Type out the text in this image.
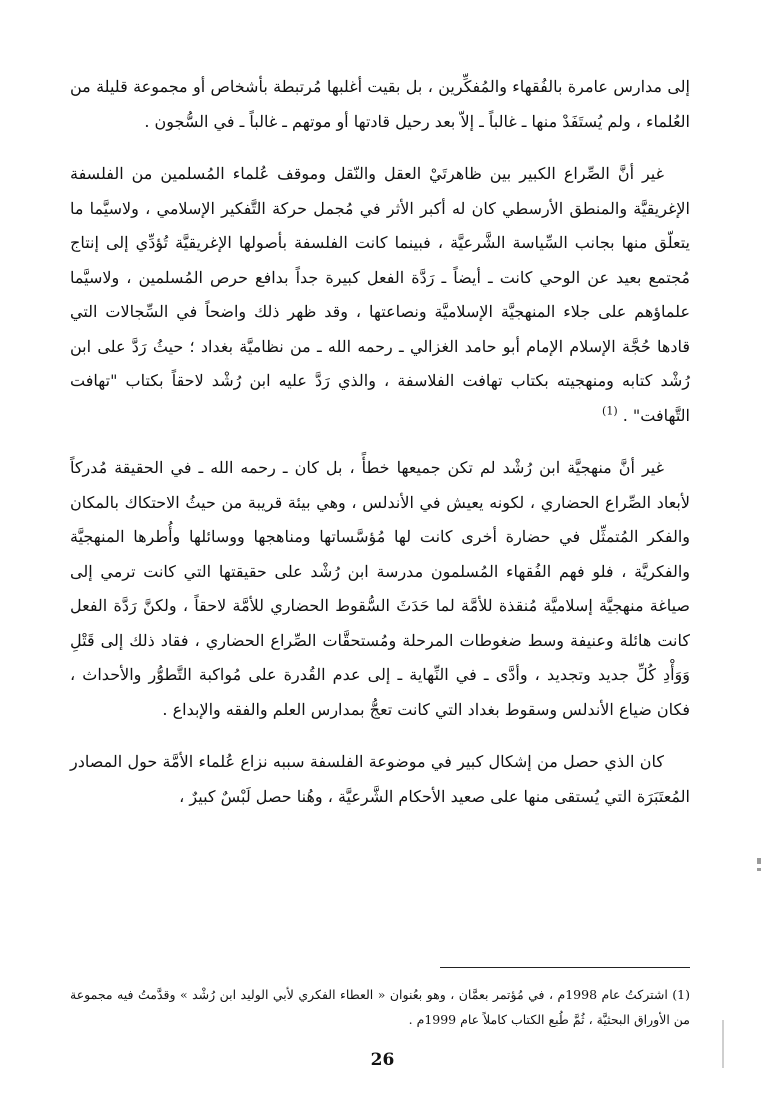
إلى مدارس عامرة بالفُقهاء والمُفكِّرين ، بل بقيت أغلبها مُرتبطة بأشخاص أو مجموعة قليلة من العُلماء ، ولم يُستَفَدْ منها ـ غالباً ـ إلاّ بعد رحيل قادتها أو موتهم ـ غالباً ـ في السُّجون .

غير أنَّ الصِّراع الكبير بين ظاهرتَيْ العقل والنّقل وموقف عُلماء المُسلمين من الفلسفة الإغريقيَّة والمنطق الأرسطي كان له أكبر الأثر في مُجمل حركة التَّفكير الإسلامي ، ولاسيَّما ما يتعلّق منها بجانب السِّياسة الشَّرعيَّة ، فبينما كانت الفلسفة بأصولها الإغريقيَّة تُؤدِّي إلى إنتاج مُجتمع بعيد عن الوحي كانت ـ أيضاً ـ رَدَّة الفعل كبيرة جداً بدافع حرص المُسلمين ، ولاسيَّما علماؤهم على جلاء المنهجيَّة الإسلاميَّة ونصاعتها ، وقد ظهر ذلك واضحاً في السِّجالات التي قادها حُجَّة الإسلام الإمام أبو حامد الغزالي ـ رحمه الله ـ من نظاميَّة بغداد ؛ حيثُ رَدَّ على ابن رُشْد كتابه ومنهجيته بكتاب تهافت الفلاسفة ، والذي رَدَّ عليه ابن رُشْد لاحقاً بكتاب "تهافت التَّهافت" . $^{(1)}$

غير أنَّ منهجيَّة ابن رُشْد لم تكن جميعها خطأً ، بل كان ـ رحمه الله ـ في الحقيقة مُدركاً لأبعاد الصِّراع الحضاري ، لكونه يعيش في الأندلس ، وهي بيئة قريبة من حيثُ الاحتكاك بالمكان والفكر المُتمثِّل في حضارة أخرى كانت لها مُؤسَّساتها ومناهجها ووسائلها وأُطرها المنهجيَّة والفكريَّة ، فلو فهم الفُقهاء المُسلمون مدرسة ابن رُشْد على حقيقتها التي كانت ترمي إلى صياغة منهجيَّة إسلاميَّة مُنقذة للأمَّة لما حَدَثَ السُّقوط الحضاري للأمَّة لاحقاً ، ولكنَّ رَدَّة الفعل كانت هائلة وعنيفة وسط ضغوطات المرحلة ومُستحقَّات الصِّراع الحضاري ، فقاد ذلك إلى قَتْلِ وَوَأْدِ كُلِّ جديد وتجديد ، وأدَّى ـ في النِّهاية ـ إلى عدم القُدرة على مُواكبة التَّطوُّر والأحداث ، فكان ضياع الأندلس وسقوط بغداد التي كانت تعجُّ بمدارس العلم والفقه والإبداع .

كان الذي حصل من إشكال كبير في موضوعة الفلسفة سببه نزاع عُلماء الأمَّة حول المصادر المُعتَبَرَة التي يُستقى منها على صعيد الأحكام الشَّرعيَّة ، وهُنا حصل لَبْسٌ كبيرٌ ،

(1) اشتركتُ عام 1998م ، في مُؤتمر بعمَّان ، وهو بعُنوان « العطاء الفكري لأبي الوليد ابن رُشْد » وقدَّمتُ فيه مجموعة من الأوراق البحثيَّة ، ثُمَّ طُبع الكتاب كاملاً عام 1999م .

26
